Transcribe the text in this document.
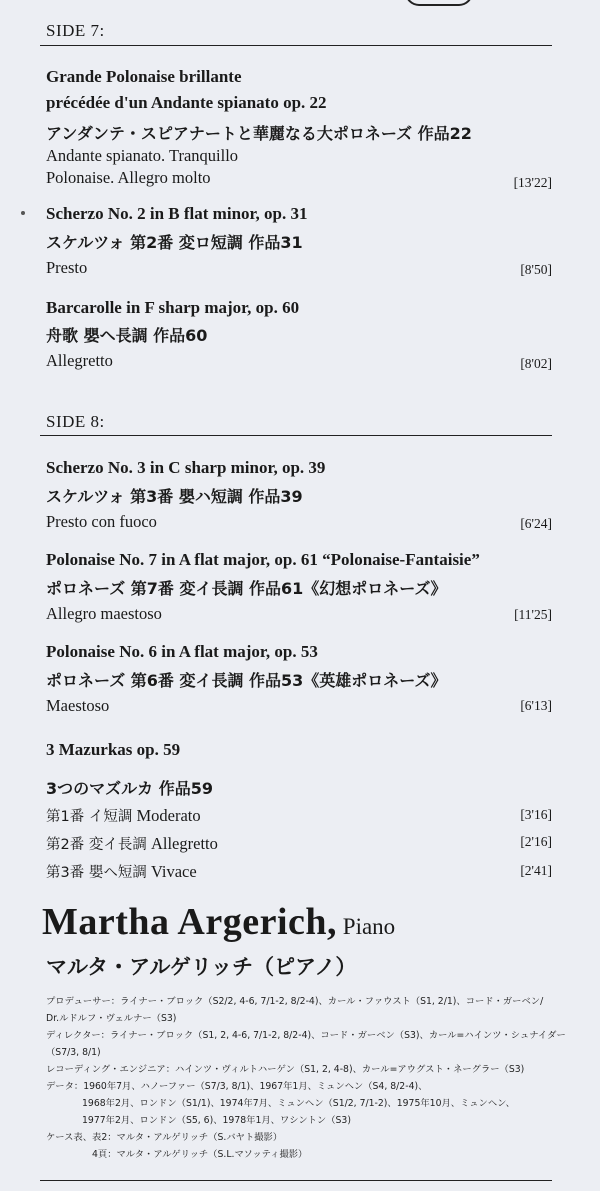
SIDE 7:
Grande Polonaise brillante
précédée d'un Andante spianato op. 22
アンダンテ・スピアナートと華麗なる大ポロネーズ 作品22
Andante spianato. Tranquillo
Polonaise. Allegro molto	[13'22]
Scherzo No. 2 in B flat minor, op. 31
スケルツォ 第2番 変ロ短調 作品31
Presto	[8'50]
Barcarolle in F sharp major, op. 60
舟歌 嬰ヘ長調 作品60
Allegretto	[8'02]
SIDE 8:
Scherzo No. 3 in C sharp minor, op. 39
スケルツォ 第3番 嬰ハ短調 作品39
Presto con fuoco	[6'24]
Polonaise No. 7 in A flat major, op. 61 “Polonaise-Fantaisie”
ポロネーズ 第7番 変イ長調 作品61《幻想ポロネーズ》
Allegro maestoso	[11'25]
Polonaise No. 6 in A flat major, op. 53
ポロネーズ 第6番 変イ長調 作品53《英雄ポロネーズ》
Maestoso	[6'13]
3 Mazurkas op. 59
3つのマズルカ 作品59
第1番 イ短調 Moderato	[3'16]
第2番 変イ長調 Allegretto	[2'16]
第3番 嬰ヘ短調 Vivace	[2'41]
Martha Argerich, Piano
マルタ・アルゲリッチ（ピアノ）
プロデューサー：ライナー・ブロック（S2/2, 4-6, 7/1-2, 8/2-4)、カール・ファウスト（S1, 2/1)、コード・ガーベン/
Dr.ルドルフ・ヴェルナー（S3)
ディレクター：ライナー・ブロック（S1, 2, 4-6, 7/1-2, 8/2-4)、コード・ガーベン（S3)、カール=ハインツ・シュナイダー
（S7/3, 8/1)
レコーディング・エンジニア：ハインツ・ヴィルトハーゲン（S1, 2, 4-8)、カール=アウグスト・ネーグラー（S3)
データ：1960年7月、ハノーファー（S7/3, 8/1)、1967年1月、ミュンヘン（S4, 8/2-4)、
1968年2月、ロンドン（S1/1)、1974年7月、ミュンヘン（S1/2, 7/1-2)、1975年10月、ミュンヘン、
1977年2月、ロンドン（S5, 6)、1978年1月、ワシントン（S3)
ケース表、表2：マルタ・アルゲリッチ（S.バヤト撮影）
4頁：マルタ・アルゲリッチ（S.L.マソッティ撮影）
